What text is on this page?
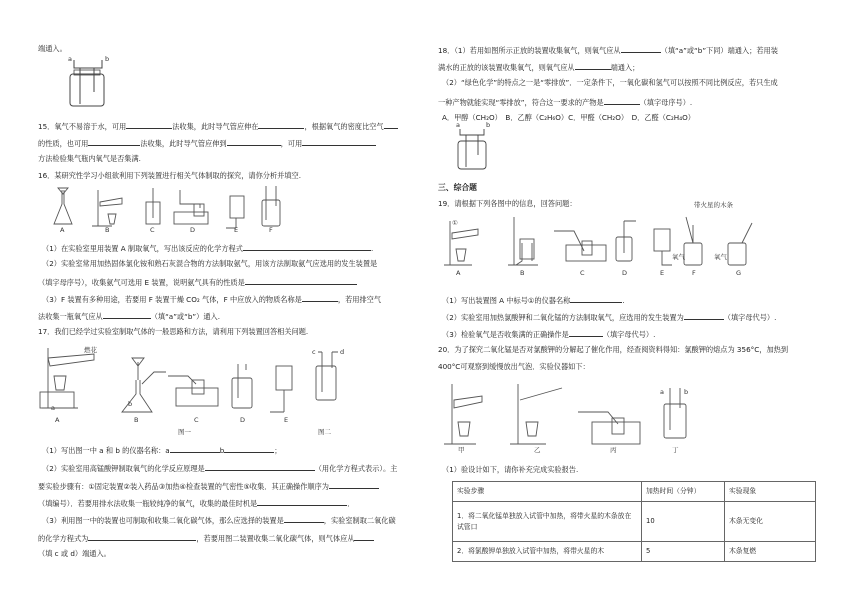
端通入。
a	b
15．氧气不易溶于水，可用	法收集，此时导气管应伸在	，根据氧气的密度比空气
的性质，也可用	法收集，此时导气管应伸到	，可用
方法检验集气瓶内氧气是否集满.
16．某研究性学习小组欲利用下列装置进行相关气体制取的探究，请你分析并填空.
A	B	C	D	E	F
（1）在实验室里用装置 A 制取氧气，写出该反应的化学方程式	.
（2）实验室常用加热固体氯化铵和熟石灰混合物的方法制取氨气，用该方法制取氨气应选用的发生装置是
（填字母序号），收集氨气可选用 E 装置，说明氨气具有的性质是
（3）F 装置有多种用途，若要用 F 装置干燥 CO₂ 气体，F 中应放入的物质名称是	，若用排空气
法收集一瓶氧气应从	（填“a”或“b”）通入.
17．我们已经学过实验室制取气体的一般思路和方法，请利用下列装置回答相关问题.
燃花
a	b
c	d
A	B	C	D	E
图一	图二
（1）写出图一中 a 和 b 的仪器名称：a	b	；
（2）实验室用高锰酸钾制取氧气的化学反应原理是	（用化学方程式表示）。主
要实验步骤有：①固定装置②装入药品③加热④检查装置的气密性⑤收集．其正确操作顺序为
（填编号）．若要用排水法收集一瓶较纯净的氧气，收集的最佳时机是	．
（3）利用图一中的装置也可制取和收集二氧化碳气体，那么应选择的装置是	，实验室制取二氧化碳
的化学方程式为	，若要用图二装置收集二氧化碳气体，则气体应从
（填 c 或 d）端通入。
18．（1）若用如图所示正放的装置收集氧气，则氧气应从	（填“a”或“b”下同）端通入；若用装
满水的正放的该装置收集氧气，则氧气应从	端通入；
（2）“绿色化学”的特点之一是“零排放”．一定条件下，一氧化碳和氢气可以按照不同比例反应，若只生成
一种产物就能实现“零排放”，符合这一要求的产物是	（填字母序号）.
A．甲醇（CH₂O）　B．乙醇（C₂H₆O）C．甲醛（CH₂O）　D．乙醛（C₂H₄O）
a	b
三、综合题
19．请根据下列各图中的信息，回答问题：
①
带火星的木条
氧气	氧气
A	B	C	D	E	F	G
（1）写出装置图 A 中标号①的仪器名称	.
（2）实验室用加热氯酸钾和二氧化锰的方法制取氧气，应选用的发生装置为	（填字母代号）.
（3）检验氧气是否收集满的正确操作是	（填字母代号）.
20．为了探究二氧化锰是否对氯酸钾的分解起了催化作用，经查阅资料得知：氯酸钾的熔点为 356°C，加热到
400°C可观察到缓慢放出气泡．实验仪器如下：
a	b
甲	乙	丙	丁
（1）验设计如下，请你补充完成实验报告.
实验步骤	加热时间（分钟）	实验现象
1．将二氧化锰单独放入试管中加热，将带火星的木条放在试管口	10	木条无变化
2．将氯酸钾单独放入试管中加热，将带火星的木	5	木条复燃
